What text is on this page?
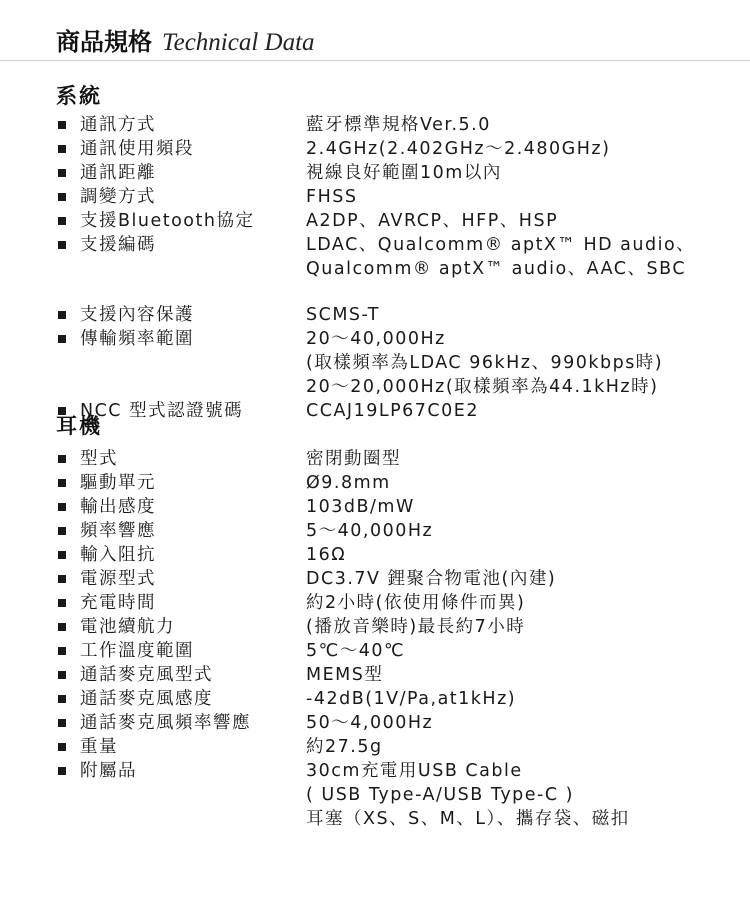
商品規格 Technical Data
系統
通訊方式	藍牙標準規格Ver.5.0
通訊使用頻段	2.4GHz(2.402GHz～2.480GHz)
通訊距離	視線良好範圍10m以內
調變方式	FHSS
支援Bluetooth協定	A2DP、AVRCP、HFP、HSP
支援編碼	LDAC、Qualcomm® aptX™ HD audio、
Qualcomm® aptX™ audio、AAC、SBC
支援內容保護	SCMS-T
傳輸頻率範圍	20～40,000Hz
(取樣頻率為LDAC 96kHz、990kbps時)
20～20,000Hz(取樣頻率為44.1kHz時)
NCC 型式認證號碼	CCAJ19LP67C0E2
耳機
型式	密閉動圈型
驅動單元	Ø9.8mm
輸出感度	103dB/mW
頻率響應	5～40,000Hz
輸入阻抗	16Ω
電源型式	DC3.7V 鋰聚合物電池(內建)
充電時間	約2小時(依使用條件而異)
電池續航力	(播放音樂時)最長約7小時
工作溫度範圍	5℃～40℃
通話麥克風型式	MEMS型
通話麥克風感度	-42dB(1V/Pa,at1kHz)
通話麥克風頻率響應	50～4,000Hz
重量	約27.5g
附屬品	30cm充電用USB Cable
( USB Type-A/USB Type-C )
耳塞（XS、S、M、L）、攜存袋、磁扣
